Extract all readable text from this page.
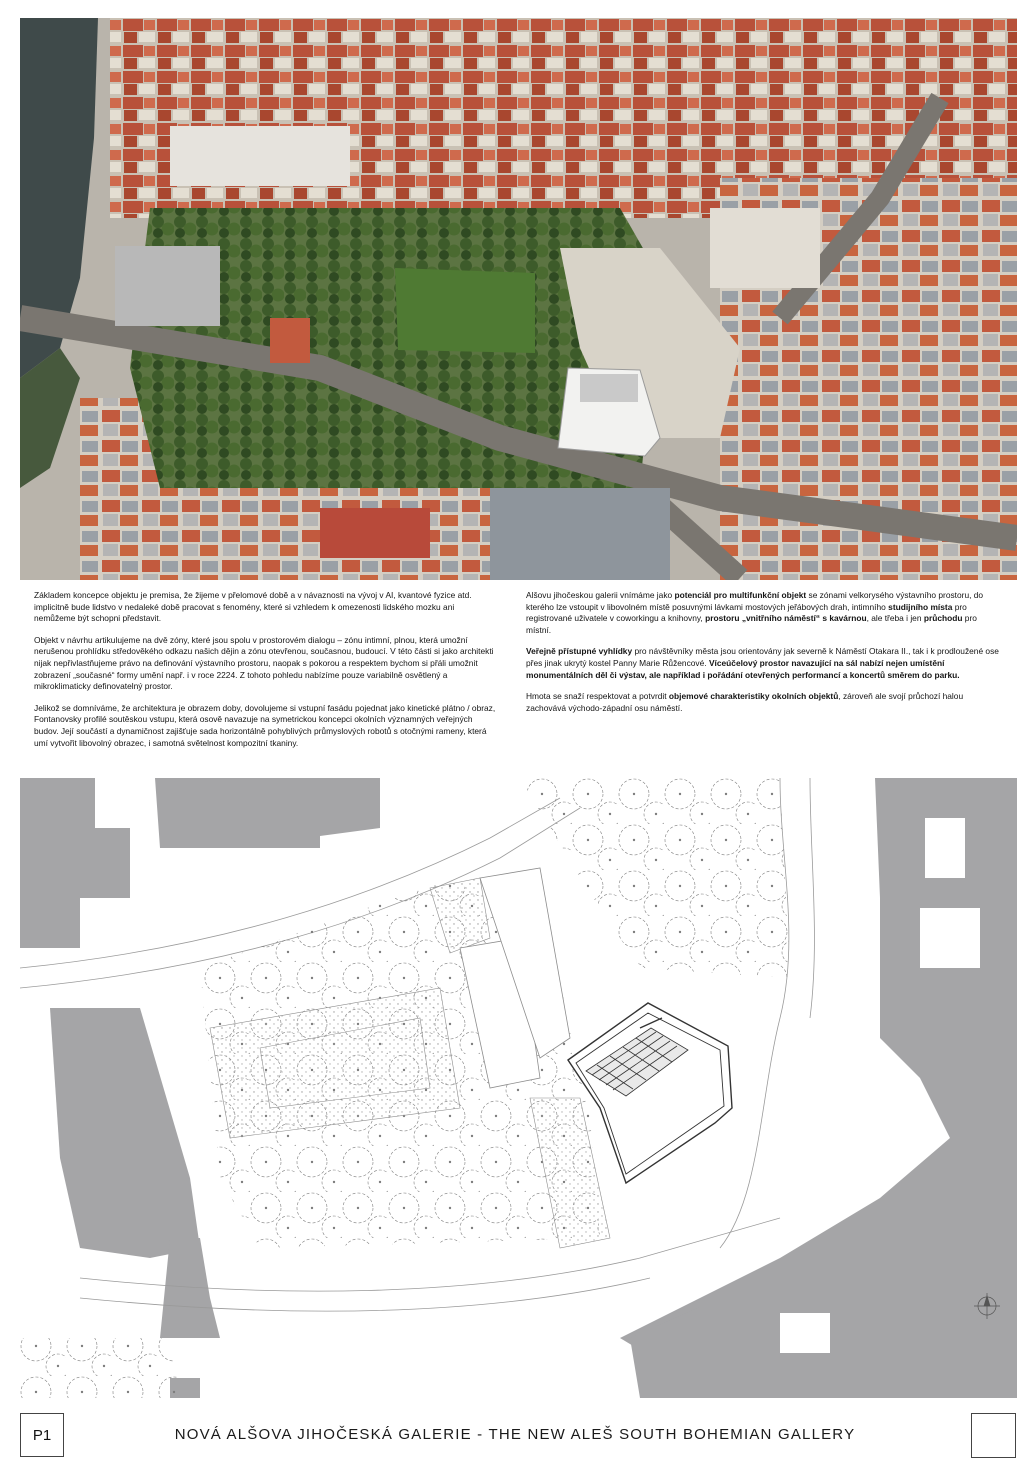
Základem koncepce objektu je premisa, že žijeme v přelomové době a v návaznosti na vývoj v AI, kvantové fyzice atd. implicitně bude lidstvo v nedaleké době pracovat s fenomény, které si vzhledem k omezenosti lidského mozku ani nemůžeme být schopni představit.

Objekt v návrhu artikulujeme na dvě zóny, které jsou spolu v prostorovém dialogu – zónu intimní, plnou, která umožní nerušenou prohlídku středověkého odkazu našich dějin a zónu otevřenou, současnou, budoucí. V této části si jako architekti nijak nepřivlastňujeme právo na definování výstavního prostoru, naopak s pokorou a respektem bychom si přáli umožnit zobrazení „současné“ formy umění např. i v roce 2224. Z tohoto pohledu nabízíme pouze variabilně osvětlený a mikroklimaticky definovatelný prostor.

Jelikož se domníváme, že architektura je obrazem doby, dovolujeme si vstupní fasádu pojednat jako kinetické plátno / obraz, Fontanovsky profilé soutěskou vstupu, která osově navazuje na symetrickou koncepci okolních významných veřejných budov. Její součástí a dynamičnost zajišťuje sada horizontálně pohyblivých průmyslových robotů s otočnými rameny, která umí vytvořit libovolný obrazec, i samotná světelnost kompozitní tkaniny.

Alšovu jihočeskou galerii vnímáme jako potenciál pro multifunkční objekt se zónami velkorysého výstavního prostoru, do kterého lze vstoupit v libovolném místě posuvnými lávkami mostových jeřábových drah, intimního studijního místa pro registrované uživatele v coworkingu a knihovny, prostoru „vnitřního náměstí“ s kavárnou, ale třeba i jen průchodu pro místní.

Veřejně přístupné vyhlídky pro návštěvníky města jsou orientovány jak severně k Náměstí Otakara II., tak i k prodloužené ose přes jinak ukrytý kostel Panny Marie Růžencové. Víceúčelový prostor navazující na sál nabízí nejen umístění monumentálních děl či výstav, ale například i pořádání otevřených performancí a koncertů směrem do parku.

Hmota se snaží respektovat a potvrdit objemové charakteristiky okolních objektů, zároveň ale svojí průchozí halou zachovává východo-západní osu náměstí.

P1	NOVÁ ALŠOVA JIHOČESKÁ GALERIE - THE NEW ALEŠ SOUTH BOHEMIAN GALLERY
